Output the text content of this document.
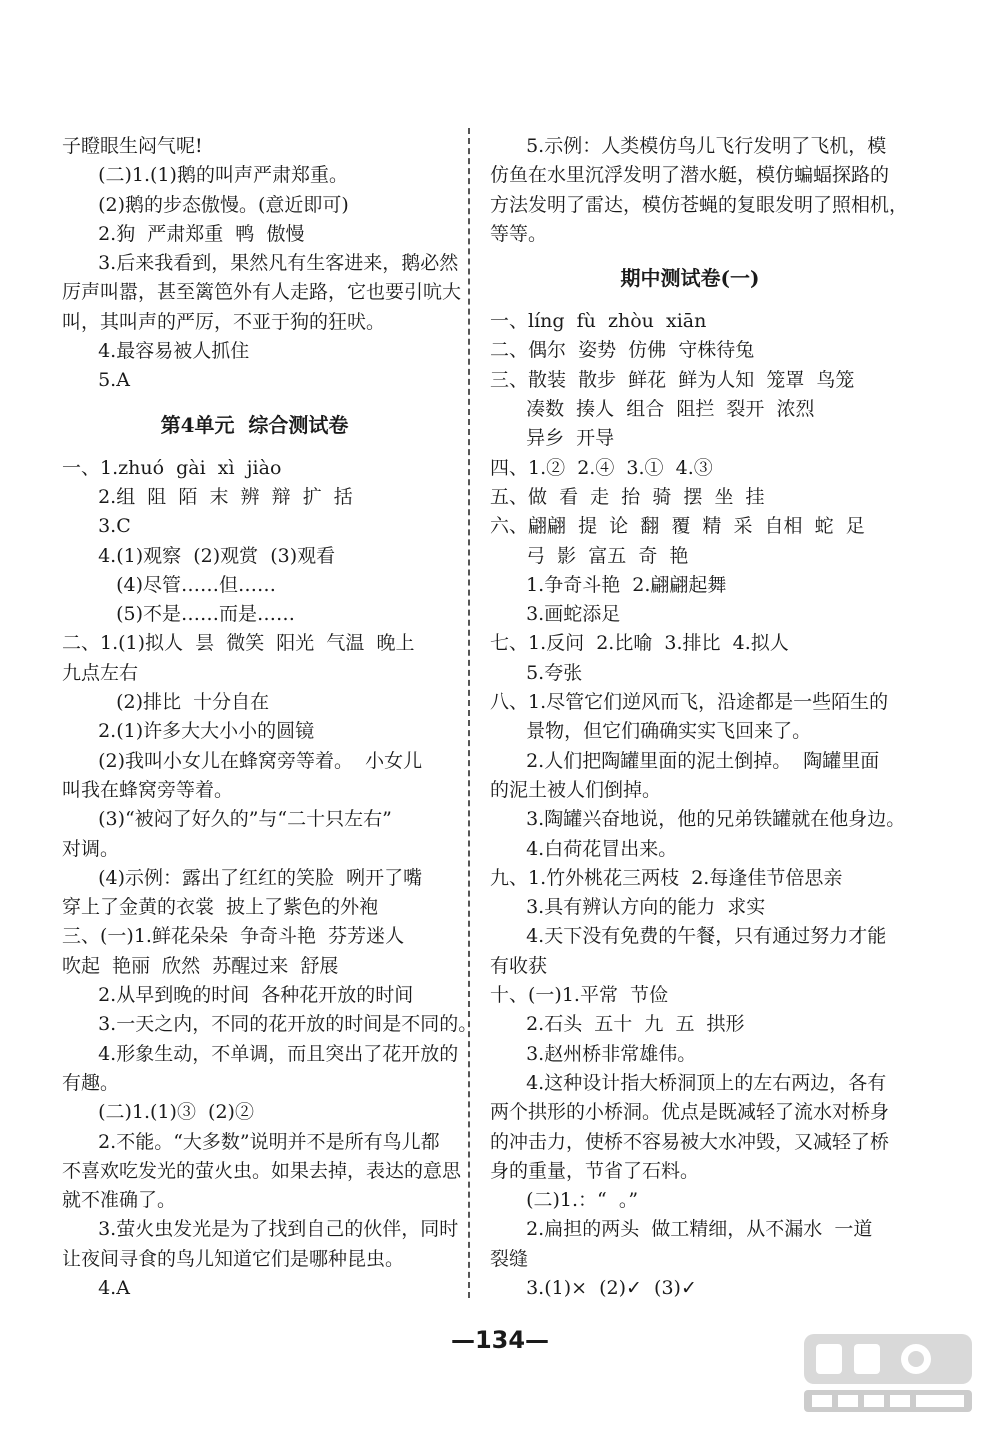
子瞪眼生闷气呢!
(二)1.(1)鹅的叫声严肃郑重。
(2)鹅的步态傲慢。(意近即可)
2.狗  严肃郑重  鸭  傲慢
3.后来我看到，果然凡有生客进来，鹅必然
厉声叫嚣，甚至篱笆外有人走路，它也要引吭大
叫，其叫声的严厉，不亚于狗的狂吠。
4.最容易被人抓住
5.A
第4单元  综合测试卷
一、1.zhuó  gài  xì  jiào
2.组  阻  陌  末  辨  辩  扩  括
3.C
4.(1)观察  (2)观赏  (3)观看
(4)尽管……但……
(5)不是……而是……
二、1.(1)拟人  昙  微笑  阳光  气温  晚上
九点左右
(2)排比  十分自在
2.(1)许多大大小小的圆镜
(2)我叫小女儿在蜂窝旁等着。  小女儿
叫我在蜂窝旁等着。
(3)“被闷了好久的”与“二十只左右”
对调。
(4)示例：露出了红红的笑脸  咧开了嘴
穿上了金黄的衣裳  披上了紫色的外袍
三、(一)1.鲜花朵朵  争奇斗艳  芬芳迷人
吹起  艳丽  欣然  苏醒过来  舒展
2.从早到晚的时间  各种花开放的时间
3.一天之内，不同的花开放的时间是不同的。
4.形象生动，不单调，而且突出了花开放的
有趣。
(二)1.(1)③  (2)②
2.不能。“大多数”说明并不是所有鸟儿都
不喜欢吃发光的萤火虫。如果去掉，表达的意思
就不准确了。
3.萤火虫发光是为了找到自己的伙伴，同时
让夜间寻食的鸟儿知道它们是哪种昆虫。
4.A
5.示例：人类模仿鸟儿飞行发明了飞机，模
仿鱼在水里沉浮发明了潜水艇，模仿蝙蝠探路的
方法发明了雷达，模仿苍蝇的复眼发明了照相机，
等等。
期中测试卷(一)
一、líng  fù  zhòu  xiān
二、偶尔  姿势  仿佛  守株待兔
三、散装  散步  鲜花  鲜为人知  笼罩  鸟笼
凑数  揍人  组合  阻拦  裂开  浓烈
异乡  开导
四、1.②  2.④  3.①  4.③
五、做  看  走  抬  骑  摆  坐  挂
六、翩翩  提  论  翻  覆  精  采  自相  蛇  足
弓  影  富五  奇  艳
1.争奇斗艳  2.翩翩起舞
3.画蛇添足
七、1.反问  2.比喻  3.排比  4.拟人
5.夸张
八、1.尽管它们逆风而飞，沿途都是一些陌生的
景物，但它们确确实实飞回来了。
2.人们把陶罐里面的泥土倒掉。  陶罐里面
的泥土被人们倒掉。
3.陶罐兴奋地说，他的兄弟铁罐就在他身边。
4.白荷花冒出来。
九、1.竹外桃花三两枝  2.每逢佳节倍思亲
3.具有辨认方向的能力  求实
4.天下没有免费的午餐，只有通过努力才能
有收获
十、(一)1.平常  节俭
2.石头  五十  九  五  拱形
3.赵州桥非常雄伟。
4.这种设计指大桥洞顶上的左右两边，各有
两个拱形的小桥洞。优点是既减轻了流水对桥身
的冲击力，使桥不容易被大水冲毁，又减轻了桥
身的重量，节省了石料。
(二)1.：“  。”
2.扁担的两头  做工精细，从不漏水  一道
裂缝
3.(1)×  (2)✓  (3)✓
—134—
